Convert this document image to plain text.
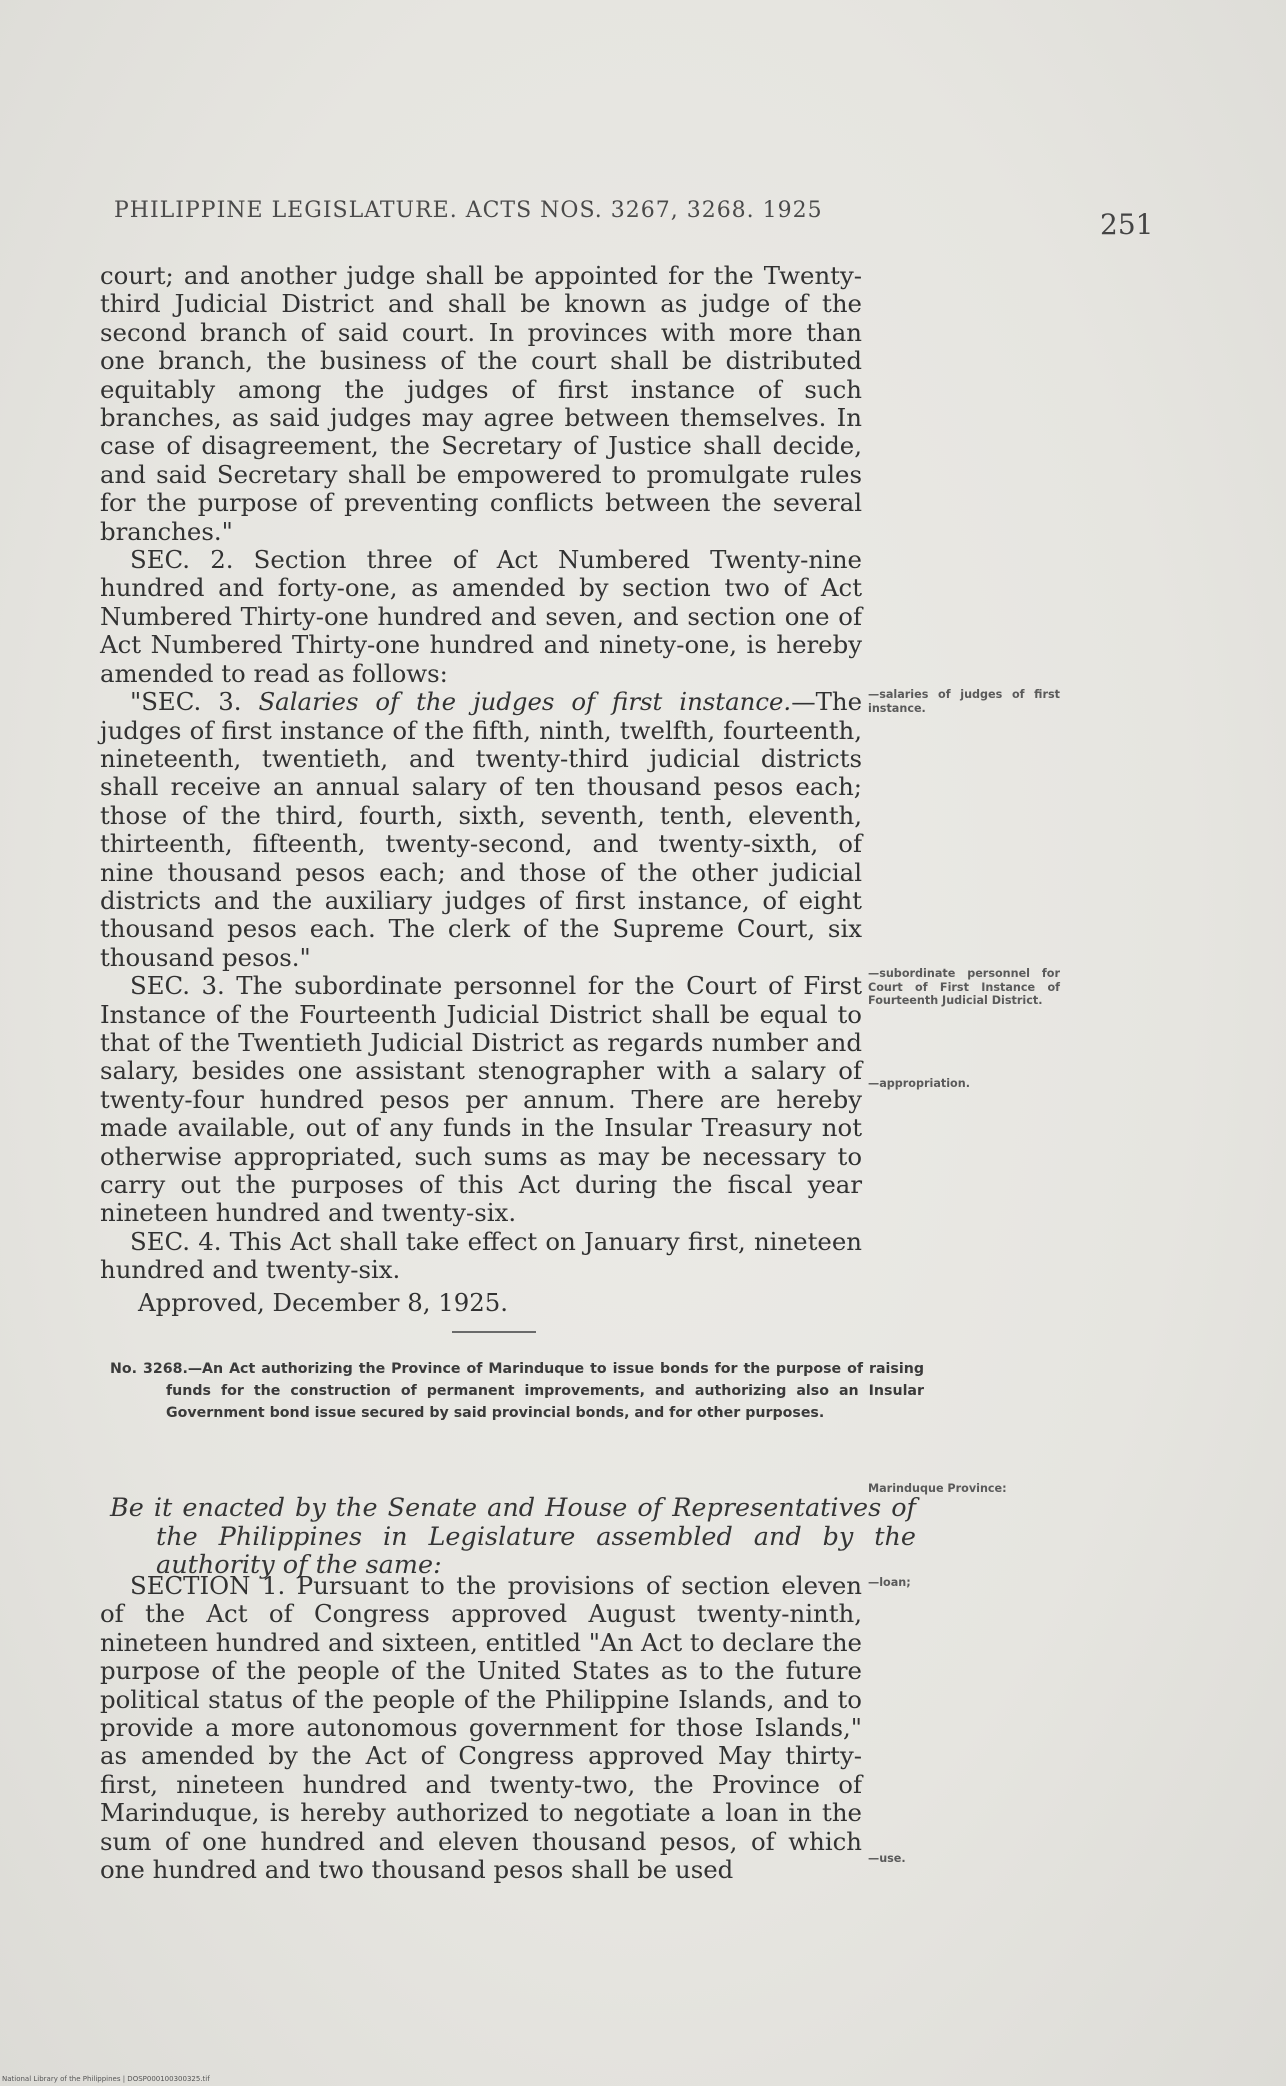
PHILIPPINE LEGISLATURE. ACTS NOS. 3267, 3268. 1925	251

court; and another judge shall be appointed for the Twenty-third Judicial District and shall be known as judge of the second branch of said court. In provinces with more than one branch, the business of the court shall be distributed equitably among the judges of first instance of such branches, as said judges may agree between themselves. In case of disagreement, the Secretary of Justice shall decide, and said Secretary shall be empowered to promulgate rules for the purpose of preventing conflicts between the several branches."

SEC. 2. Section three of Act Numbered Twenty-nine hundred and forty-one, as amended by section two of Act Numbered Thirty-one hundred and seven, and section one of Act Numbered Thirty-one hundred and ninety-one, is hereby amended to read as follows:

"SEC. 3. Salaries of the judges of first instance.—The judges of first instance of the fifth, ninth, twelfth, fourteenth, nineteenth, twentieth, and twenty-third judicial districts shall receive an annual salary of ten thousand pesos each; those of the third, fourth, sixth, seventh, tenth, eleventh, thirteenth, fifteenth, twenty-second, and twenty-sixth, of nine thousand pesos each; and those of the other judicial districts and the auxiliary judges of first instance, of eight thousand pesos each. The clerk of the Supreme Court, six thousand pesos."

SEC. 3. The subordinate personnel for the Court of First Instance of the Fourteenth Judicial District shall be equal to that of the Twentieth Judicial District as regards number and salary, besides one assistant stenographer with a salary of twenty-four hundred pesos per annum. There are hereby made available, out of any funds in the Insular Treasury not otherwise appropriated, such sums as may be necessary to carry out the purposes of this Act during the fiscal year nineteen hundred and twenty-six.

SEC. 4. This Act shall take effect on January first, nineteen hundred and twenty-six.

Approved, December 8, 1925.

No. 3268.—An Act authorizing the Province of Marinduque to issue bonds for the purpose of raising funds for the construction of permanent improvements, and authorizing also an Insular Government bond issue secured by said provincial bonds, and for other purposes.
Be it enacted by the Senate and House of Representatives of the Philippines in Legislature assembled and by the authority of the same:

SECTION 1. Pursuant to the provisions of section eleven of the Act of Congress approved August twenty-ninth, nineteen hundred and sixteen, entitled "An Act to declare the purpose of the people of the United States as to the future political status of the people of the Philippine Islands, and to provide a more autonomous government for those Islands," as amended by the Act of Congress approved May thirty-first, nineteen hundred and twenty-two, the Province of Marinduque, is hereby authorized to negotiate a loan in the sum of one hundred and eleven thousand pesos, of which one hundred and two thousand pesos shall be used

—salaries of judges of first instance.
—subordinate personnel for Court of First Instance of Fourteenth Judicial District.
—appropriation.
Marinduque Province:
—loan;
—use.
National Library of the Philippines | DOSP000100300325.tif
